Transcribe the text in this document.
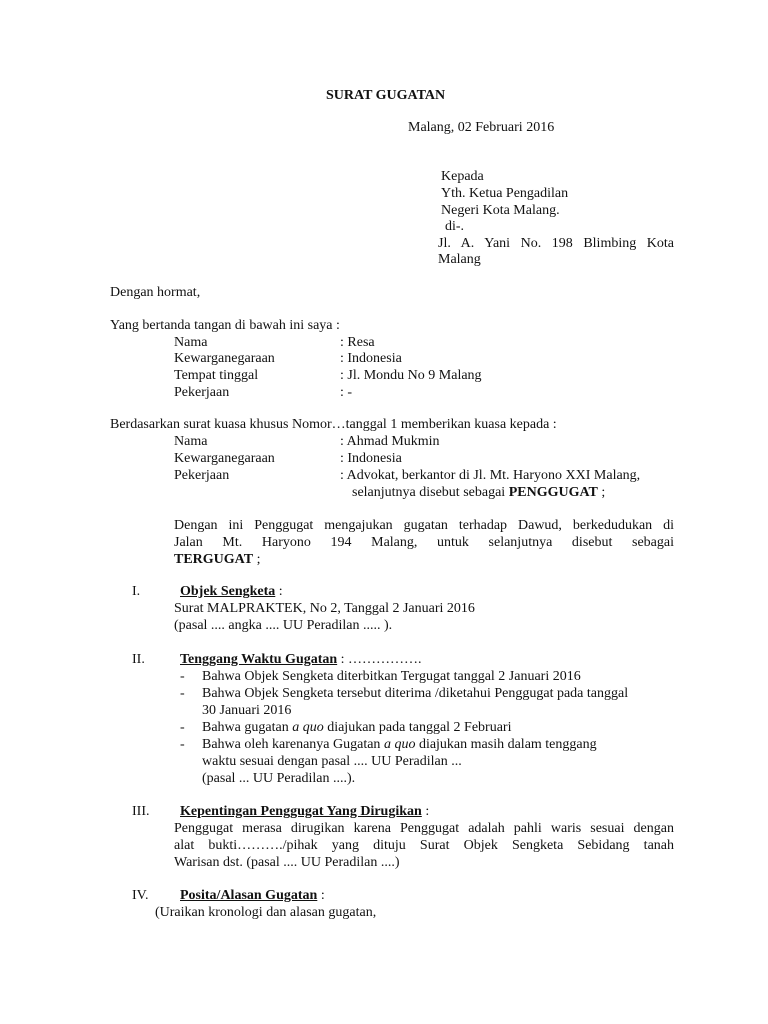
SURAT GUGATAN
Malang, 02 Februari 2016
Kepada
Yth. Ketua Pengadilan
Negeri Kota Malang.
di-.
Jl. A. Yani No. 198 Blimbing Kota
Malang
Dengan hormat,
Yang bertanda tangan di bawah ini saya :
Nama	: Resa
Kewarganegaraan	: Indonesia
Tempat tinggal	: Jl. Mondu No 9 Malang
Pekerjaan	: -
Berdasarkan surat kuasa khusus Nomor…tanggal 1 memberikan kuasa kepada :
Nama	: Ahmad Mukmin
Kewarganegaraan	: Indonesia
Pekerjaan	: Advokat, berkantor di Jl. Mt. Haryono XXI Malang,
selanjutnya disebut sebagai PENGGUGAT ;
Dengan ini Penggugat mengajukan gugatan terhadap Dawud, berkedudukan di
Jalan Mt. Haryono 194 Malang, untuk selanjutnya disebut sebagai
TERGUGAT ;
I.	Objek Sengketa :
Surat MALPRAKTEK, No 2, Tanggal 2 Januari 2016
(pasal .... angka .... UU Peradilan ..... ).
II.	Tenggang Waktu Gugatan : …………….
- Bahwa Objek Sengketa diterbitkan Tergugat tanggal 2 Januari 2016
- Bahwa Objek Sengketa tersebut diterima /diketahui Penggugat pada tanggal
30 Januari 2016
- Bahwa gugatan a quo diajukan pada tanggal 2 Februari
- Bahwa oleh karenanya Gugatan a quo diajukan masih dalam tenggang
waktu sesuai dengan pasal .... UU Peradilan ...
(pasal ... UU Peradilan ....).
III. Kepentingan Penggugat Yang Dirugikan :
Penggugat merasa dirugikan karena Penggugat adalah pahli waris sesuai dengan
alat bukti………./pihak yang dituju Surat Objek Sengketa Sebidang tanah
Warisan dst. (pasal .... UU Peradilan ....)
IV. Posita/Alasan Gugatan :
(Uraikan kronologi dan alasan gugatan,
